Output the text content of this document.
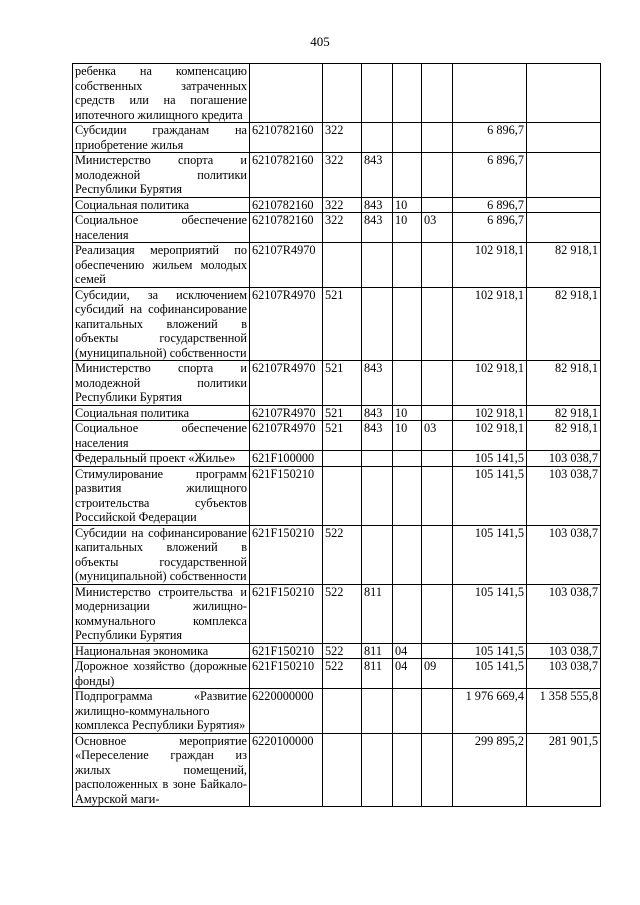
405
ребенка на компенсацию собственных затраченных средств или на погашение ипотечного жилищного кредита							
Субсидии гражданам на приобретение жилья	6210782160	322				6 896,7	
Министерство спорта и молодежной политики Республики Бурятия	6210782160	322	843			6 896,7	
Социальная политика	6210782160	322	843	10		6 896,7	
Социальное обеспечение населения	6210782160	322	843	10	03	6 896,7	
Реализация мероприятий по обеспечению жильем молодых семей	62107R4970					102 918,1	82 918,1
Субсидии, за исключением субсидий на софинансирование капитальных вложений в объекты государственной (муниципальной) собственности	62107R4970	521				102 918,1	82 918,1
Министерство спорта и молодежной политики Республики Бурятия	62107R4970	521	843			102 918,1	82 918,1
Социальная политика	62107R4970	521	843	10		102 918,1	82 918,1
Социальное обеспечение населения	62107R4970	521	843	10	03	102 918,1	82 918,1
Федеральный проект «Жилье»	621F100000					105 141,5	103 038,7
Стимулирование программ развития жилищного строительства субъектов Российской Федерации	621F150210					105 141,5	103 038,7
Субсидии на софинансирование капитальных вложений в объекты государственной (муниципальной) собственности	621F150210	522				105 141,5	103 038,7
Министерство строительства и модернизации жилищно-коммунального комплекса Республики Бурятия	621F150210	522	811			105 141,5	103 038,7
Национальная экономика	621F150210	522	811	04		105 141,5	103 038,7
Дорожное хозяйство (дорожные фонды)	621F150210	522	811	04	09	105 141,5	103 038,7
Подпрограмма «Развитие жилищно-коммунального комплекса Республики Бурятия»	6220000000					1 976 669,4	1 358 555,8
Основное мероприятие «Переселение граждан из жилых помещений, расположенных в зоне Байкало-Амурской маги-	6220100000					299 895,2	281 901,5
